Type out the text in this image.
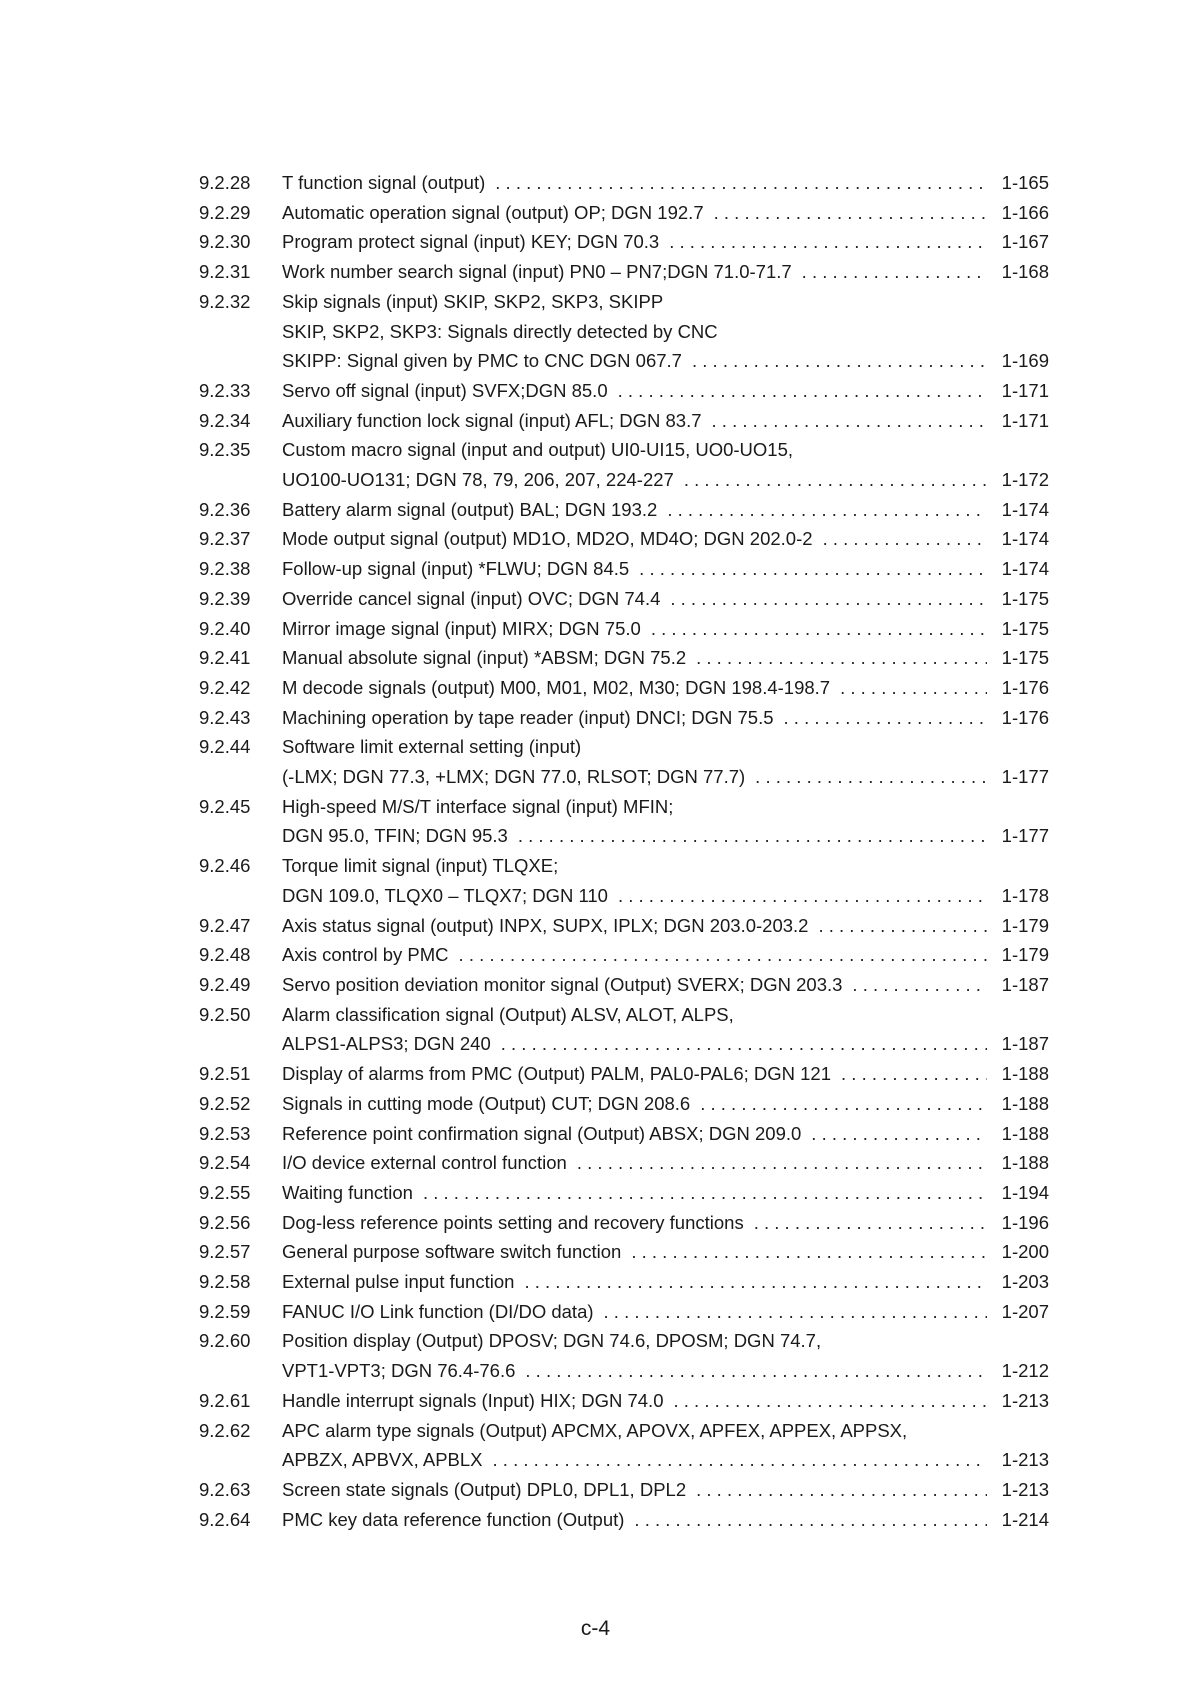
9.2.28	T function signal (output) . . .	1-165
9.2.29	Automatic operation signal (output) OP; DGN 192.7 . . .	1-166
9.2.30	Program protect signal (input) KEY; DGN 70.3 . . .	1-167
9.2.31	Work number search signal (input) PN0 – PN7;DGN 71.0-71.7 . . .	1-168
9.2.32	Skip signals (input) SKIP, SKP2, SKP3, SKIPP
SKIP, SKP2, SKP3: Signals directly detected by CNC
SKIPP: Signal given by PMC to CNC DGN 067.7 . . .	1-169
9.2.33	Servo off signal (input) SVFX;DGN 85.0 . . .	1-171
9.2.34	Auxiliary function lock signal (input) AFL; DGN 83.7 . . .	1-171
9.2.35	Custom macro signal (input and output) UI0-UI15, UO0-UO15,
UO100-UO131; DGN 78, 79, 206, 207, 224-227 . . .	1-172
9.2.36	Battery alarm signal (output) BAL; DGN 193.2 . . .	1-174
9.2.37	Mode output signal (output) MD1O, MD2O, MD4O; DGN 202.0-2 . . .	1-174
9.2.38	Follow-up signal (input) *FLWU; DGN 84.5 . . .	1-174
9.2.39	Override cancel signal (input) OVC; DGN 74.4 . . .	1-175
9.2.40	Mirror image signal (input) MIRX; DGN 75.0 . . .	1-175
9.2.41	Manual absolute signal (input) *ABSM; DGN 75.2 . . .	1-175
9.2.42	M decode signals (output) M00, M01, M02, M30; DGN 198.4-198.7 . . .	1-176
9.2.43	Machining operation by tape reader (input) DNCI; DGN 75.5 . . .	1-176
9.2.44	Software limit external setting (input)
(-LMX; DGN 77.3, +LMX; DGN 77.0, RLSOT; DGN 77.7) . . .	1-177
9.2.45	High-speed M/S/T interface signal (input) MFIN;
DGN 95.0, TFIN; DGN 95.3 . . .	1-177
9.2.46	Torque limit signal (input) TLQXE;
DGN 109.0, TLQX0 – TLQX7; DGN 110 . . .	1-178
9.2.47	Axis status signal (output) INPX, SUPX, IPLX; DGN 203.0-203.2 . . .	1-179
9.2.48	Axis control by PMC . . .	1-179
9.2.49	Servo position deviation monitor signal (Output) SVERX; DGN 203.3 . . .	1-187
9.2.50	Alarm classification signal (Output) ALSV, ALOT, ALPS,
ALPS1-ALPS3; DGN 240 . . .	1-187
9.2.51	Display of alarms from PMC (Output) PALM, PAL0-PAL6; DGN 121 . . .	1-188
9.2.52	Signals in cutting mode (Output) CUT; DGN 208.6 . . .	1-188
9.2.53	Reference point confirmation signal (Output) ABSX; DGN 209.0 . . .	1-188
9.2.54	I/O device external control function . . .	1-188
9.2.55	Waiting function . . .	1-194
9.2.56	Dog-less reference points setting and recovery functions . . .	1-196
9.2.57	General purpose software switch function . . .	1-200
9.2.58	External pulse input function . . .	1-203
9.2.59	FANUC I/O Link function (DI/DO data) . . .	1-207
9.2.60	Position display (Output) DPOSV; DGN 74.6, DPOSM; DGN 74.7,
VPT1-VPT3; DGN 76.4-76.6 . . .	1-212
9.2.61	Handle interrupt signals (Input) HIX; DGN 74.0 . . .	1-213
9.2.62	APC alarm type signals (Output) APCMX, APOVX, APFEX, APPEX, APPSX,
APBZX, APBVX, APBLX . . .	1-213
9.2.63	Screen state signals (Output) DPL0, DPL1, DPL2 . . .	1-213
9.2.64	PMC key data reference function (Output) . . .	1-214
c-4
